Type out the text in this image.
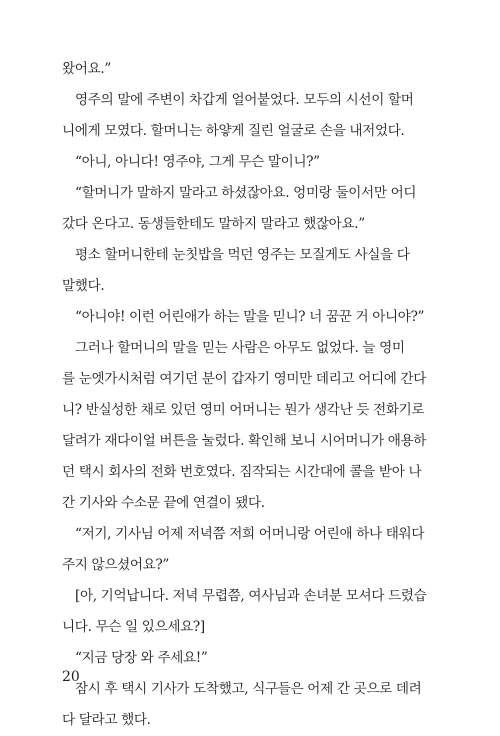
왔어요.”
영주의 말에 주변이 차갑게 얼어붙었다. 모두의 시선이 할머
니에게 모였다. 할머니는 하얗게 질린 얼굴로 손을 내저었다.
“아니, 아니다! 영주야, 그게 무슨 말이니?”
“할머니가 말하지 말라고 하셨잖아요. 엉미랑 둘이서만 어디
갔다 온다고. 동생들한테도 말하지 말라고 했잖아요.”
평소 할머니한테 눈칫밥을 먹던 영주는 모질게도 사실을 다
말했다.
“아니야! 이런 어린애가 하는 말을 믿니? 너 꿈꾼 거 아니야?”
그러나 할머니의 말을 믿는 사람은 아무도 없었다. 늘 영미
를 눈엣가시처럼 여기던 분이 갑자기 영미만 데리고 어디에 간다
니? 반실성한 채로 있던 영미 어머니는 뭔가 생각난 듯 전화기로
달려가 재다이얼 버튼을 눌렀다. 확인해 보니 시어머니가 애용하
던 택시 회사의 전화 번호였다. 짐작되는 시간대에 콜을 받아 나
간 기사와 수소문 끝에 연결이 됐다.
“저기, 기사님 어제 저녁쯤 저희 어머니랑 어린애 하나 태워다
주지 않으셨어요?”
[아, 기억납니다. 저녁 무렵쯤, 여사님과 손녀분 모셔다 드렸습
니다. 무슨 일 있으세요?]
“지금 당장 와 주세요!”
잠시 후 택시 기사가 도착했고, 식구들은 어제 간 곳으로 데려
다 달라고 했다.
20
